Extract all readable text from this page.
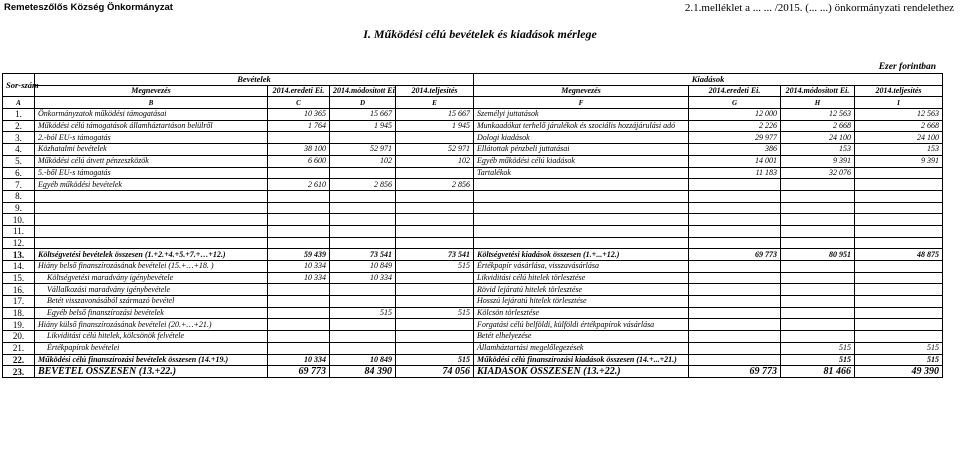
Remeteszőlős Község Önkormányzat	2.1.melléklet a ... ... /2015. (... ...) önkormányzati rendelethez
I. Működési célú bevételek és kiadások mérlege
Ezer forintban
Sor-szám	Bevételek				Kiadások			
	Megnevezés	2014.eredeti Ei.	2014.módosított Ei.	2014.teljesítés	Megnevezés	2014.eredeti Ei.	2014.módosított Ei.	2014.teljesítés
A	B	C	D	E	F	G	H	I
1.	Önkormányzatok működési támogatásai	10 365	15 667	15 667	Személyi juttatások	12 000	12 563	12 563
2.	Működési célú támogatások államháztartáson belülről	1 764	1 945	1 945	Munkaadókat terhelő járulékok és szociális hozzájárulási adó	2 226	2 668	2 668
3.	2.-ból EU-s támogatás				Dologi kiadások	29 977	24 100	24 100
4.	Közhatalmi bevételek	38 100	52 971	52 971	Ellátottak pénzbeli juttatásai	386	153	153
5.	Működési célú átvett pénzeszközök	6 600	102	102	Egyéb működési célú kiadások	14 001	9 391	9 391
6.	5.-ből EU-s támogatás				Tartalékok	11 183	32 076	
7.	Egyéb működési bevételek	2 610	2 856	2 856				
8.								
9.								
10.								
11.								
12.								
13.	Költségvetési bevételek összesen (1.+2.+4.+5.+7.+…+12.)	59 439	73 541	73 541	Költségvetési kiadások összesen (1.+...+12.)	69 773	80 951	48 875
14.	Hiány belső finanszírozásának bevételei (15.+…+18. )	10 334	10 849	515	Értékpapír vásárlása, visszavásárlása			
15.	Költségvetési maradvány igénybevétele	10 334	10 334		Likviditási célú hitelek törlesztése			
16.	Vállalkozási maradvány igénybevétele				Rövid lejáratú hitelek törlesztése			
17.	Betét visszavonásából származó bevétel				Hosszú lejáratú hitelek törlesztése			
18.	Egyéb belső finanszírozási bevételek		515	515	Kölcsön törlesztése			
19.	Hiány külső finanszírozásának bevételei (20.+…+21.)				Forgatási célú belföldi, külföldi értékpapírok vásárlása			
20.	Likviditási célú hitelek, kölcsönök felvétele				Betét elhelyezése			
21.	Értékpapírok bevételei				Államháztartási megelőlegezések		515	515
22.	Működési célú finanszírozási bevételek összesen (14.+19.)	10 334	10 849	515	Működési célú finanszírozási kiadások összesen (14.+...+21.)		515	515
23.	BEVÉTEL ÖSSZESEN (13.+22.)	69 773	84 390	74 056	KIADÁSOK ÖSSZESEN (13.+22.)	69 773	81 466	49 390
